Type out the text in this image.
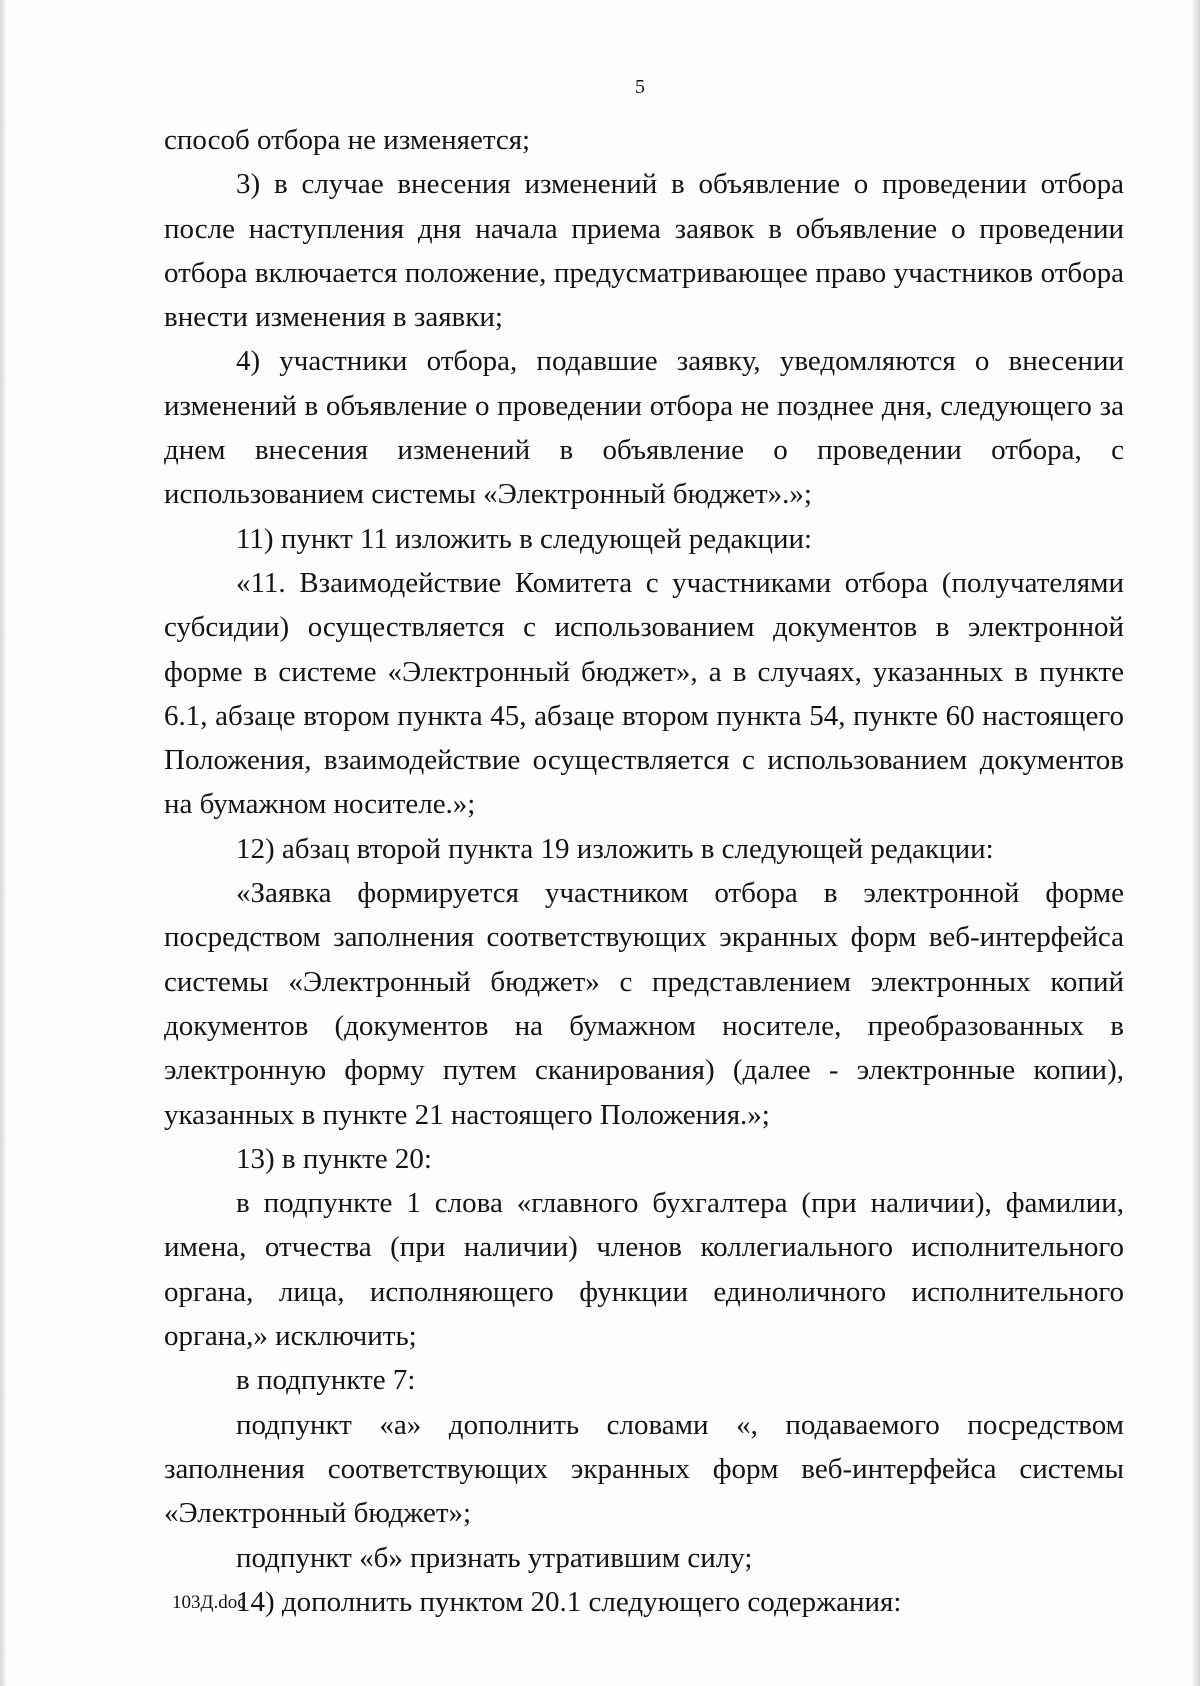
5

способ отбора не изменяется;

3) в случае внесения изменений в объявление о проведении отбора после наступления дня начала приема заявок в объявление о проведении отбора включается положение, предусматривающее право участников отбора внести изменения в заявки;

4) участники отбора, подавшие заявку, уведомляются о внесении изменений в объявление о проведении отбора не позднее дня, следующего за днем внесения изменений в объявление о проведении отбора, с использованием системы «Электронный бюджет».»;

11) пункт 11 изложить в следующей редакции:

«11. Взаимодействие Комитета с участниками отбора (получателями субсидии) осуществляется с использованием документов в электронной форме в системе «Электронный бюджет», а в случаях, указанных в пункте 6.1, абзаце втором пункта 45, абзаце втором пункта 54, пункте 60 настоящего Положения, взаимодействие осуществляется с использованием документов на бумажном носителе.»;

12) абзац второй пункта 19 изложить в следующей редакции:

«Заявка формируется участником отбора в электронной форме посредством заполнения соответствующих экранных форм веб-интерфейса системы «Электронный бюджет» с представлением электронных копий документов (документов на бумажном носителе, преобразованных в электронную форму путем сканирования) (далее - электронные копии), указанных в пункте 21 настоящего Положения.»;

13) в пункте 20:

в подпункте 1 слова «главного бухгалтера (при наличии), фамилии, имена, отчества (при наличии) членов коллегиального исполнительного органа, лица, исполняющего функции единоличного исполнительного органа,» исключить;

в подпункте 7:

подпункт «а» дополнить словами «, подаваемого посредством заполнения соответствующих экранных форм веб-интерфейса системы «Электронный бюджет»;

подпункт «б» признать утратившим силу;

14) дополнить пунктом 20.1 следующего содержания:

103Д.doc
